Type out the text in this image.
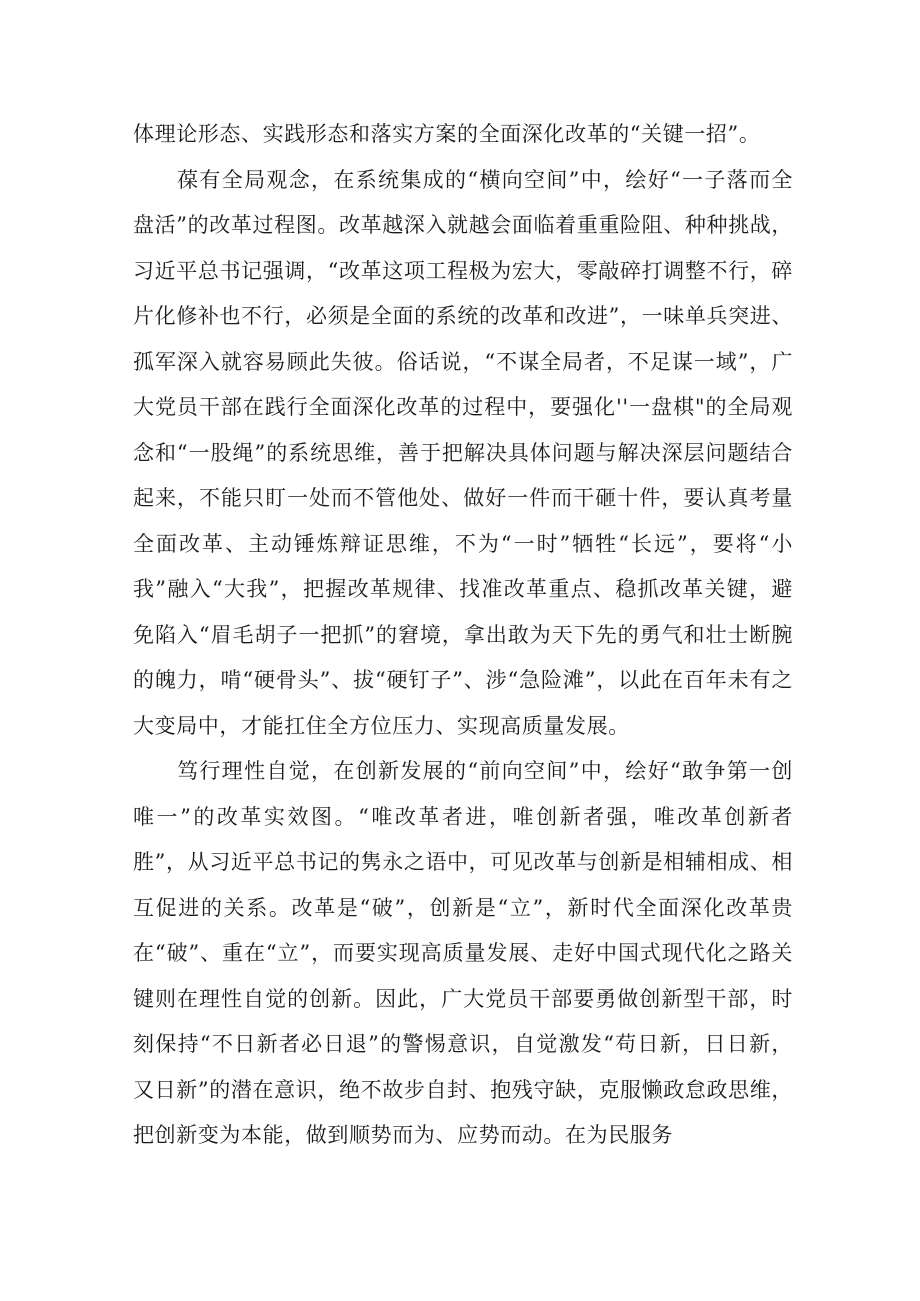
体理论形态、实践形态和落实方案的全面深化改革的“关键一招”。

葆有全局观念，在系统集成的“横向空间”中，绘好“一子落而全盘活”的改革过程图。改革越深入就越会面临着重重险阻、种种挑战，习近平总书记强调，“改革这项工程极为宏大，零敲碎打调整不行，碎片化修补也不行，必须是全面的系统的改革和改进”，一味单兵突进、孤军深入就容易顾此失彼。俗话说，“不谋全局者，不足谋一域”，广大党员干部在践行全面深化改革的过程中，要强化''一盘棋"的全局观念和“一股绳”的系统思维，善于把解决具体问题与解决深层问题结合起来，不能只盯一处而不管他处、做好一件而干砸十件，要认真考量全面改革、主动锤炼辩证思维，不为“一时”牺牲“长远”，要将“小我”融入“大我”，把握改革规律、找准改革重点、稳抓改革关键，避免陷入“眉毛胡子一把抓”的窘境，拿出敢为天下先的勇气和壮士断腕的魄力，啃“硬骨头”、拔“硬钉子”、涉“急险滩”，以此在百年未有之大变局中，才能扛住全方位压力、实现高质量发展。

笃行理性自觉，在创新发展的“前向空间”中，绘好“敢争第一创唯一”的改革实效图。“唯改革者进，唯创新者强，唯改革创新者胜”，从习近平总书记的隽永之语中，可见改革与创新是相辅相成、相互促进的关系。改革是“破”，创新是“立”，新时代全面深化改革贵在“破”、重在“立”，而要实现高质量发展、走好中国式现代化之路关键则在理性自觉的创新。因此，广大党员干部要勇做创新型干部，时刻保持“不日新者必日退”的警惕意识，自觉激发“苟日新，日日新，又日新”的潜在意识，绝不故步自封、抱残守缺，克服懒政怠政思维，把创新变为本能，做到顺势而为、应势而动。在为民服务
